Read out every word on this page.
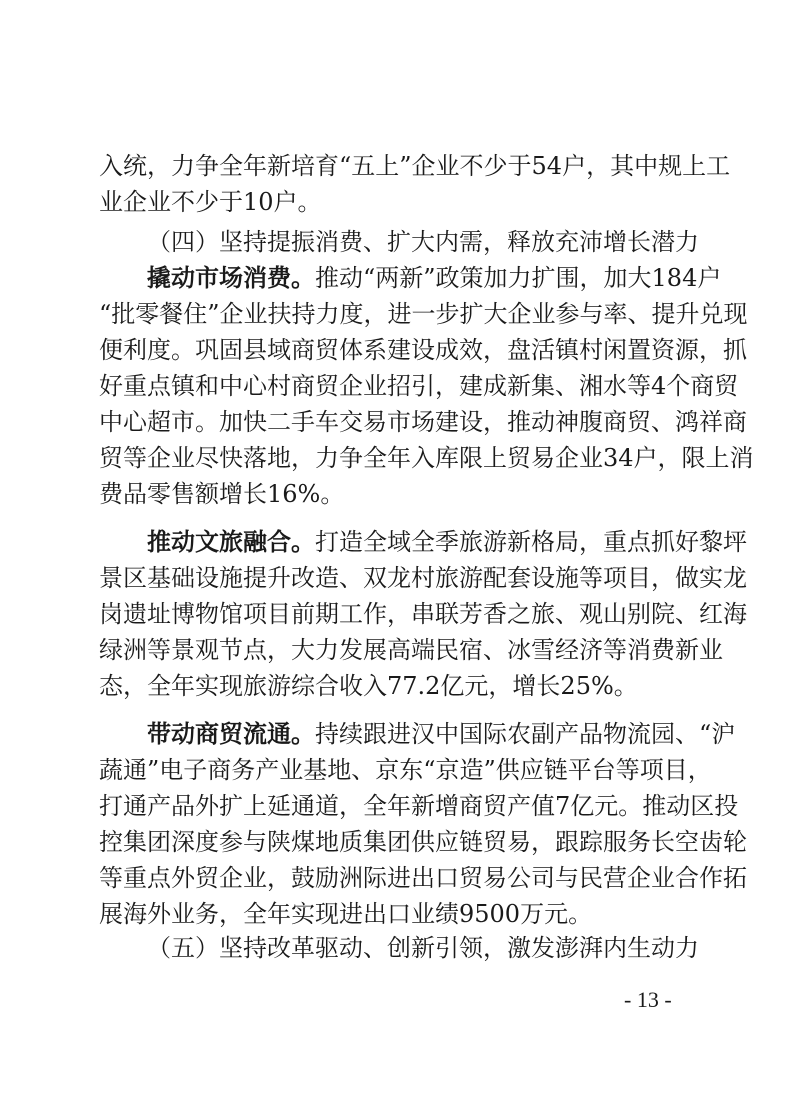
入统，力争全年新培育“五上”企业不少于54户，其中规上工
业企业不少于10户。
（四）坚持提振消费、扩大内需，释放充沛增长潜力
撬动市场消费。推动“两新”政策加力扩围，加大184户
“批零餐住”企业扶持力度，进一步扩大企业参与率、提升兑现
便利度。巩固县域商贸体系建设成效，盘活镇村闲置资源，抓
好重点镇和中心村商贸企业招引，建成新集、湘水等4个商贸
中心超市。加快二手车交易市场建设，推动神腹商贸、鸿祥商
贸等企业尽快落地，力争全年入库限上贸易企业34户，限上消
费品零售额增长16%。
推动文旅融合。打造全域全季旅游新格局，重点抓好黎坪
景区基础设施提升改造、双龙村旅游配套设施等项目，做实龙
岗遗址博物馆项目前期工作，串联芳香之旅、观山别院、红海
绿洲等景观节点，大力发展高端民宿、冰雪经济等消费新业
态，全年实现旅游综合收入77.2亿元，增长25%。
带动商贸流通。持续跟进汉中国际农副产品物流园、“沪
蔬通”电子商务产业基地、京东“京造”供应链平台等项目，
打通产品外扩上延通道，全年新增商贸产值7亿元。推动区投
控集团深度参与陕煤地质集团供应链贸易，跟踪服务长空齿轮
等重点外贸企业，鼓励洲际进出口贸易公司与民营企业合作拓
展海外业务，全年实现进出口业绩9500万元。
（五）坚持改革驱动、创新引领，激发澎湃内生动力
- 13 -
